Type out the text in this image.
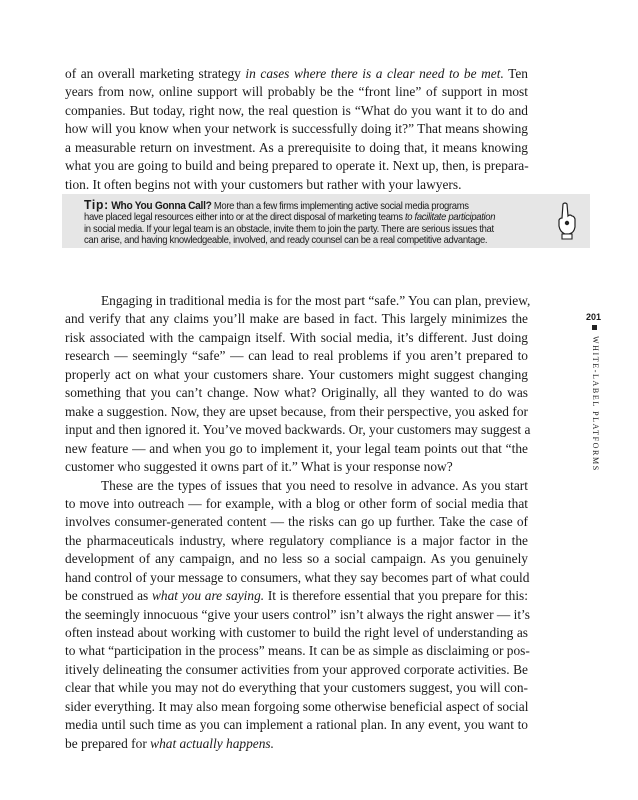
of an overall marketing strategy in cases where there is a clear need to be met. Ten
years from now, online support will probably be the “front line” of support in most
companies. But today, right now, the real question is “What do you want it to do and
how will you know when your network is successfully doing it?” That means showing
a measurable return on investment. As a prerequisite to doing that, it means knowing
what you are going to build and being prepared to operate it. Next up, then, is prepara-
tion. It often begins not with your customers but rather with your lawyers.
Tip: Who You Gonna Call? More than a few firms implementing active social media programs
have placed legal resources either into or at the direct disposal of marketing teams to facilitate participation
in social media. If your legal team is an obstacle, invite them to join the party. There are serious issues that
can arise, and having knowledgeable, involved, and ready counsel can be a real competitive advantage.
Engaging in traditional media is for the most part “safe.” You can plan, preview,
and verify that any claims you’ll make are based in fact. This largely minimizes the
risk associated with the campaign itself. With social media, it’s different. Just doing
research — seemingly “safe” — can lead to real problems if you aren’t prepared to
properly act on what your customers share. Your customers might suggest changing
something that you can’t change. Now what? Originally, all they wanted to do was
make a suggestion. Now, they are upset because, from their perspective, you asked for
input and then ignored it. You’ve moved backwards. Or, your customers may suggest a
new feature — and when you go to implement it, your legal team points out that “the
customer who suggested it owns part of it.” What is your response now?
These are the types of issues that you need to resolve in advance. As you start
to move into outreach — for example, with a blog or other form of social media that
involves consumer-generated content — the risks can go up further. Take the case of
the pharmaceuticals industry, where regulatory compliance is a major factor in the
development of any campaign, and no less so a social campaign. As you genuinely
hand control of your message to consumers, what they say becomes part of what could
be construed as what you are saying. It is therefore essential that you prepare for this:
the seemingly innocuous “give your users control” isn’t always the right answer — it’s
often instead about working with customer to build the right level of understanding as
to what “participation in the process” means. It can be as simple as disclaiming or pos-
itively delineating the consumer activities from your approved corporate activities. Be
clear that while you may not do everything that your customers suggest, you will con-
sider everything. It may also mean forgoing some otherwise beneficial aspect of social
media until such time as you can implement a rational plan. In any event, you want to
be prepared for what actually happens.
201
WHITE-LABEL PLATFORMS
